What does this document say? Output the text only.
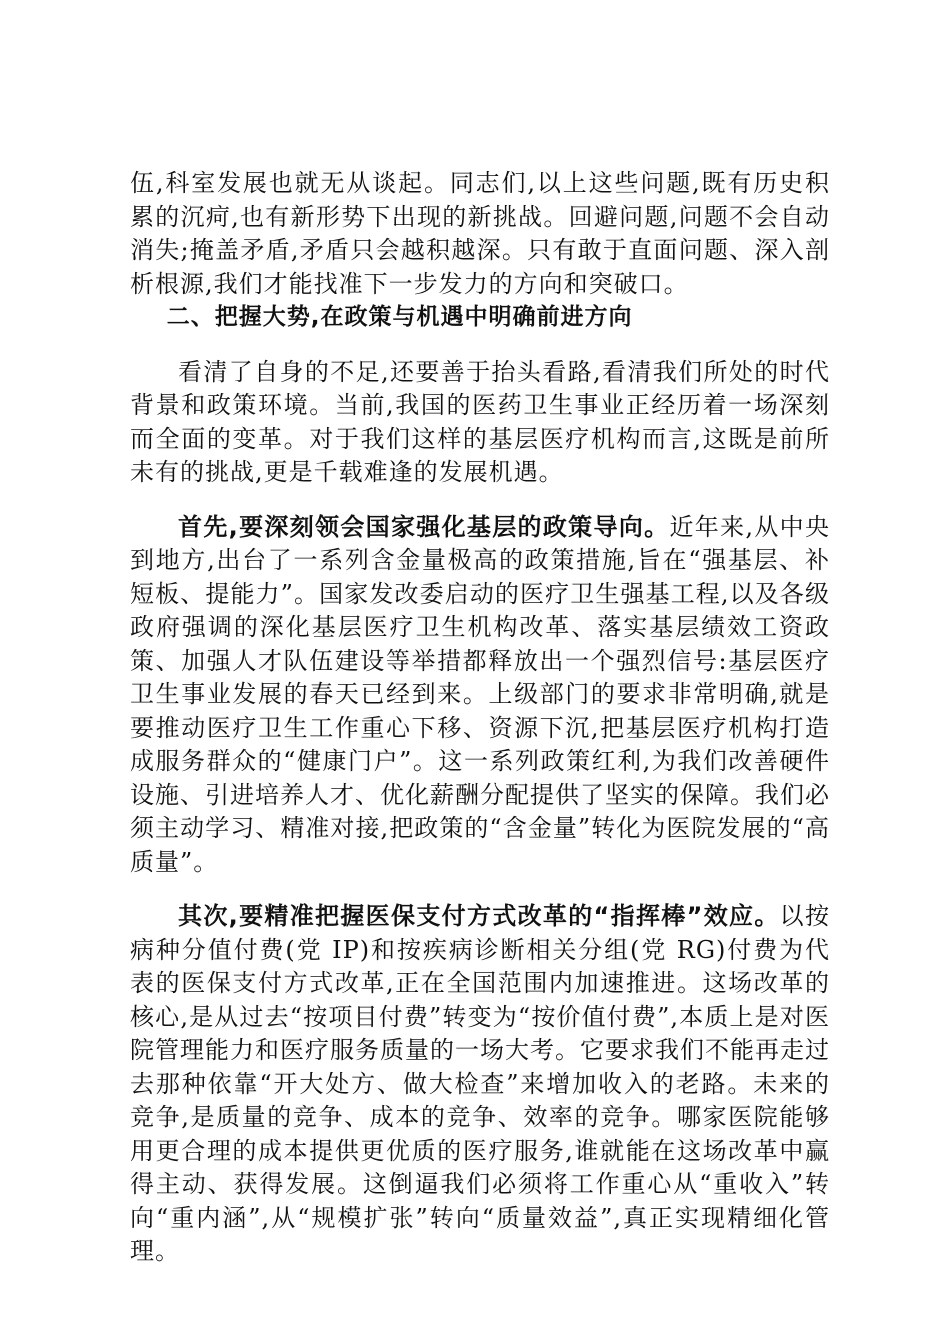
伍,科室发展也就无从谈起。同志们,以上这些问题,既有历史积累的沉疴,也有新形势下出现的新挑战。回避问题,问题不会自动消失;掩盖矛盾,矛盾只会越积越深。只有敢于直面问题、深入剖析根源,我们才能找准下一步发力的方向和突破口。

二、把握大势,在政策与机遇中明确前进方向

看清了自身的不足,还要善于抬头看路,看清我们所处的时代背景和政策环境。当前,我国的医药卫生事业正经历着一场深刻而全面的变革。对于我们这样的基层医疗机构而言,这既是前所未有的挑战,更是千载难逢的发展机遇。

首先,要深刻领会国家强化基层的政策导向。近年来,从中央到地方,出台了一系列含金量极高的政策措施,旨在“强基层、补短板、提能力”。国家发改委启动的医疗卫生强基工程,以及各级政府强调的深化基层医疗卫生机构改革、落实基层绩效工资政策、加强人才队伍建设等举措都释放出一个强烈信号:基层医疗卫生事业发展的春天已经到来。上级部门的要求非常明确,就是要推动医疗卫生工作重心下移、资源下沉,把基层医疗机构打造成服务群众的“健康门户”。这一系列政策红利,为我们改善硬件设施、引进培养人才、优化薪酬分配提供了坚实的保障。我们必须主动学习、精准对接,把政策的“含金量”转化为医院发展的“高质量”。

其次,要精准把握医保支付方式改革的“指挥棒”效应。以按病种分值付费(党 IP)和按疾病诊断相关分组(党 RG)付费为代表的医保支付方式改革,正在全国范围内加速推进。这场改革的核心,是从过去“按项目付费”转变为“按价值付费”,本质上是对医院管理能力和医疗服务质量的一场大考。它要求我们不能再走过去那种依靠“开大处方、做大检查”来增加收入的老路。未来的竞争,是质量的竞争、成本的竞争、效率的竞争。哪家医院能够用更合理的成本提供更优质的医疗服务,谁就能在这场改革中赢得主动、获得发展。这倒逼我们必须将工作重心从“重收入”转向“重内涵”,从“规模扩张”转向“质量效益”,真正实现精细化管理。
